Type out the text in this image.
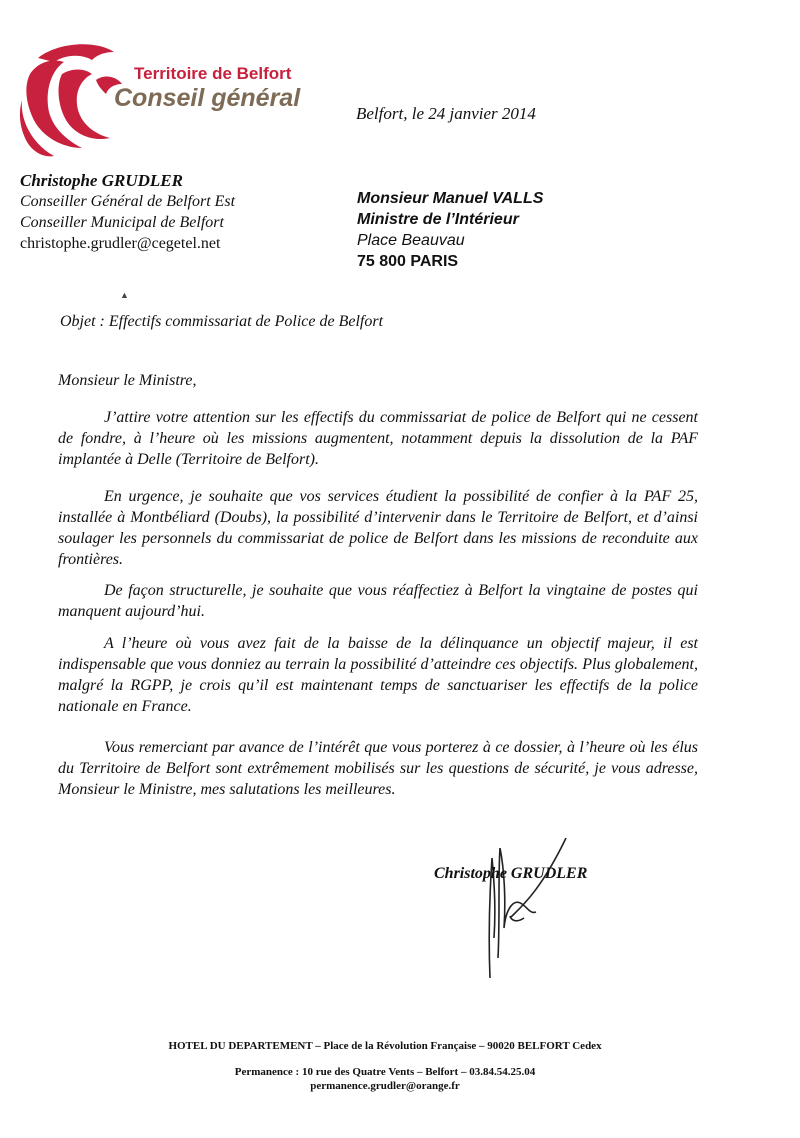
Territoire de Belfort
Conseil général
Belfort, le 24 janvier 2014
Christophe GRUDLER
Conseiller Général de Belfort Est
Conseiller Municipal de Belfort
christophe.grudler@cegetel.net
Monsieur Manuel VALLS
Ministre de l’Intérieur
Place Beauvau
75 800 PARIS
▲
Objet : Effectifs commissariat de Police de Belfort
Monsieur le Ministre,
J’attire votre attention sur les effectifs du commissariat de police de Belfort qui ne cessent de fondre, à l’heure où les missions augmentent, notamment depuis la dissolution de la PAF implantée à Delle (Territoire de Belfort).
En urgence, je souhaite que vos services étudient la possibilité de confier à la PAF 25, installée à Montbéliard (Doubs), la possibilité d’intervenir dans le Territoire de Belfort, et d’ainsi soulager les personnels du commissariat de police de Belfort dans les missions de reconduite aux frontières.
De façon structurelle, je souhaite que vous réaffectiez à Belfort la vingtaine de postes qui manquent aujourd’hui.
A l’heure où vous avez fait de la baisse de la délinquance un objectif majeur, il est indispensable que vous donniez au terrain la possibilité d’atteindre ces objectifs. Plus globalement, malgré la RGPP, je crois qu’il est maintenant temps de sanctuariser les effectifs de la police nationale en France.
Vous remerciant par avance de l’intérêt que vous porterez à ce dossier, à l’heure où les élus du Territoire de Belfort sont extrêmement mobilisés sur les questions de sécurité, je vous adresse, Monsieur le Ministre, mes salutations les meilleures.
Christophe GRUDLER
HOTEL DU DEPARTEMENT – Place de la Révolution Française – 90020 BELFORT Cedex
Permanence : 10 rue des Quatre Vents – Belfort – 03.84.54.25.04
permanence.grudler@orange.fr
